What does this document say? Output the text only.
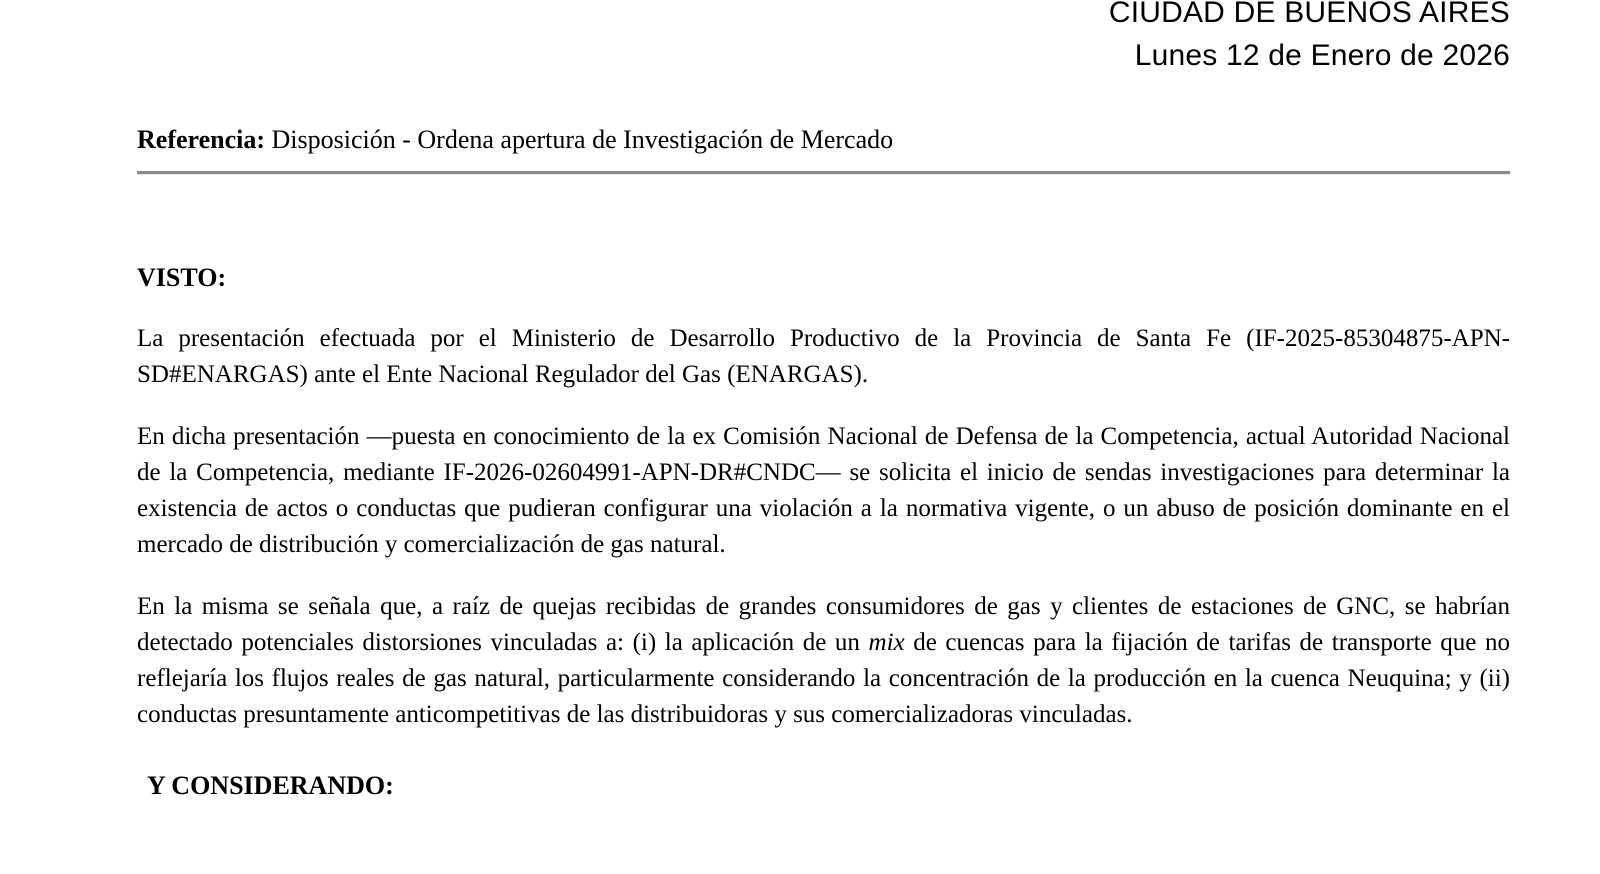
CIUDAD DE BUENOS AIRES
Lunes 12 de Enero de 2026

Referencia: Disposición - Ordena apertura de Investigación de Mercado

VISTO:

La presentación efectuada por el Ministerio de Desarrollo Productivo de la Provincia de Santa Fe (IF-2025-85304875-APN-SD#ENARGAS) ante el Ente Nacional Regulador del Gas (ENARGAS).

En dicha presentación —puesta en conocimiento de la ex Comisión Nacional de Defensa de la Competencia, actual Autoridad Nacional de la Competencia, mediante IF-2026-02604991-APN-DR#CNDC— se solicita el inicio de sendas investigaciones para determinar la existencia de actos o conductas que pudieran configurar una violación a la normativa vigente, o un abuso de posición dominante en el mercado de distribución y comercialización de gas natural.

En la misma se señala que, a raíz de quejas recibidas de grandes consumidores de gas y clientes de estaciones de GNC, se habrían detectado potenciales distorsiones vinculadas a: (i) la aplicación de un mix de cuencas para la fijación de tarifas de transporte que no reflejaría los flujos reales de gas natural, particularmente considerando la concentración de la producción en la cuenca Neuquina; y (ii) conductas presuntamente anticompetitivas de las distribuidoras y sus comercializadoras vinculadas.

Y CONSIDERANDO:
